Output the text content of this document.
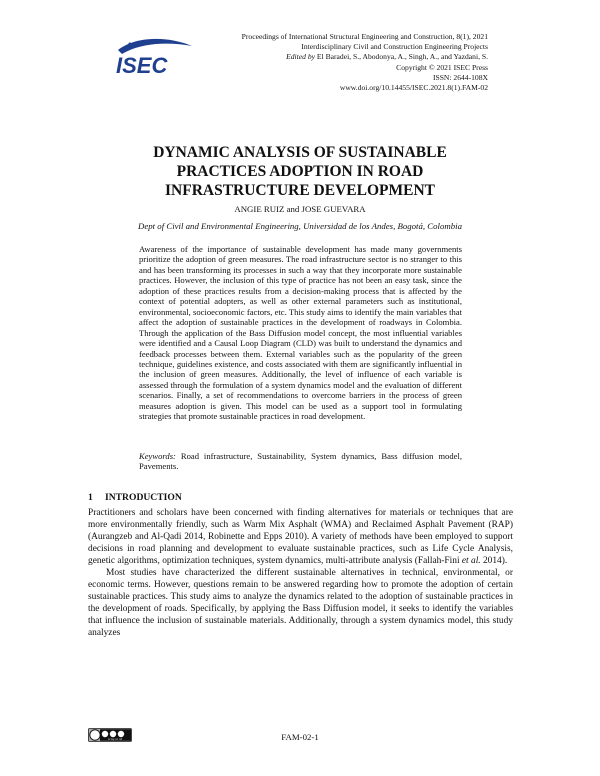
ISEC
Proceedings of International Structural Engineering and Construction, 8(1), 2021
Interdisciplinary Civil and Construction Engineering Projects
Edited by El Baradei, S., Abodonya, A., Singh, A., and Yazdani, S.
Copyright © 2021 ISEC Press
ISSN: 2644-108X
www.doi.org/10.14455/ISEC.2021.8(1).FAM-02
DYNAMIC ANALYSIS OF SUSTAINABLE
PRACTICES ADOPTION IN ROAD
INFRASTRUCTURE DEVELOPMENT
ANGIE RUIZ and JOSE GUEVARA
Dept of Civil and Environmental Engineering, Universidad de los Andes, Bogotá, Colombia
Awareness of the importance of sustainable development has made many governments prioritize the adoption of green measures. The road infrastructure sector is no stranger to this and has been transforming its processes in such a way that they incorporate more sustainable practices. However, the inclusion of this type of practice has not been an easy task, since the adoption of these practices results from a decision-making process that is affected by the context of potential adopters, as well as other external parameters such as institutional, environmental, socioeconomic factors, etc. This study aims to identify the main variables that affect the adoption of sustainable practices in the development of roadways in Colombia. Through the application of the Bass Diffusion model concept, the most influential variables were identified and a Causal Loop Diagram (CLD) was built to understand the dynamics and feedback processes between them. External variables such as the popularity of the green technique, guidelines existence, and costs associated with them are significantly influential in the inclusion of green measures. Additionally, the level of influence of each variable is assessed through the formulation of a system dynamics model and the evaluation of different scenarios. Finally, a set of recommendations to overcome barriers in the process of green measures adoption is given. This model can be used as a support tool in formulating strategies that promote sustainable practices in road development.
Keywords: Road infrastructure, Sustainability, System dynamics, Bass diffusion model, Pavements.
1 INTRODUCTION

Practitioners and scholars have been concerned with finding alternatives for materials or techniques that are more environmentally friendly, such as Warm Mix Asphalt (WMA) and Reclaimed Asphalt Pavement (RAP)(Aurangzeb and Al-Qadi 2014, Robinette and Epps 2010). A variety of methods have been employed to support decisions in road planning and development to evaluate sustainable practices, such as Life Cycle Analysis, genetic algorithms, optimization techniques, system dynamics, multi-attribute analysis (Fallah-Fini et al. 2014).

Most studies have characterized the different sustainable alternatives in technical, environmental, or economic terms. However, questions remain to be answered regarding how to promote the adoption of certain sustainable practices. This study aims to analyze the dynamics related to the adoption of sustainable practices in the development of roads. Specifically, by applying the Bass Diffusion model, it seeks to identify the variables that influence the inclusion of sustainable materials. Additionally, through a system dynamics model, this study analyzes

cc by nc nd	FAM-02-1
